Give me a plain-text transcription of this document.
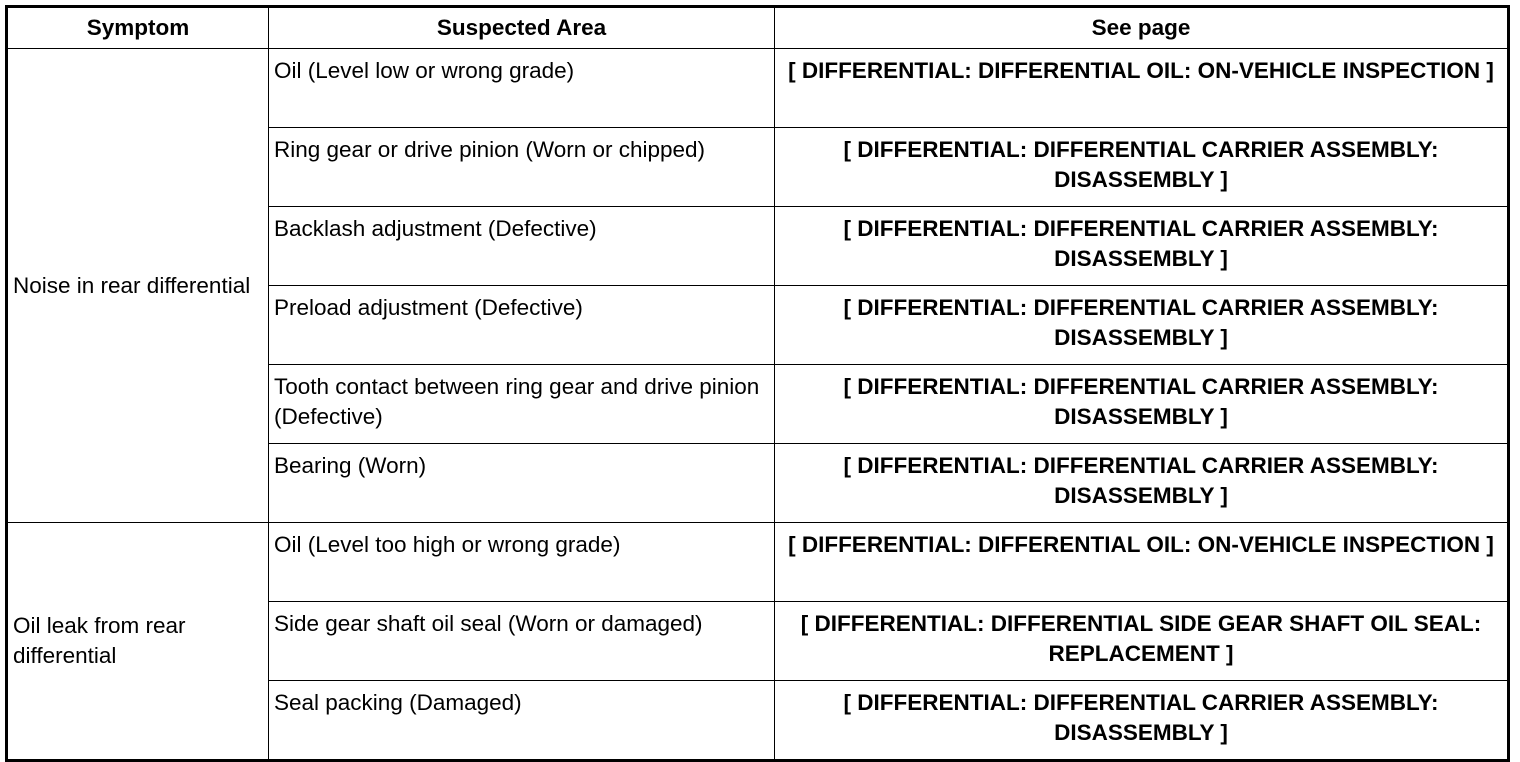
Symptom	Suspected Area	See page
Noise in rear differential	Oil (Level low or wrong grade)	[ DIFFERENTIAL: DIFFERENTIAL OIL: ON-VEHICLE INSPECTION ]
	Ring gear or drive pinion (Worn or chipped)	[ DIFFERENTIAL: DIFFERENTIAL CARRIER ASSEMBLY: DISASSEMBLY ]
	Backlash adjustment (Defective)	[ DIFFERENTIAL: DIFFERENTIAL CARRIER ASSEMBLY: DISASSEMBLY ]
	Preload adjustment (Defective)	[ DIFFERENTIAL: DIFFERENTIAL CARRIER ASSEMBLY: DISASSEMBLY ]
	Tooth contact between ring gear and drive pinion (Defective)	[ DIFFERENTIAL: DIFFERENTIAL CARRIER ASSEMBLY: DISASSEMBLY ]
	Bearing (Worn)	[ DIFFERENTIAL: DIFFERENTIAL CARRIER ASSEMBLY: DISASSEMBLY ]
Oil leak from rear differential	Oil (Level too high or wrong grade)	[ DIFFERENTIAL: DIFFERENTIAL OIL: ON-VEHICLE INSPECTION ]
	Side gear shaft oil seal (Worn or damaged)	[ DIFFERENTIAL: DIFFERENTIAL SIDE GEAR SHAFT OIL SEAL: REPLACEMENT ]
	Seal packing (Damaged)	[ DIFFERENTIAL: DIFFERENTIAL CARRIER ASSEMBLY: DISASSEMBLY ]
